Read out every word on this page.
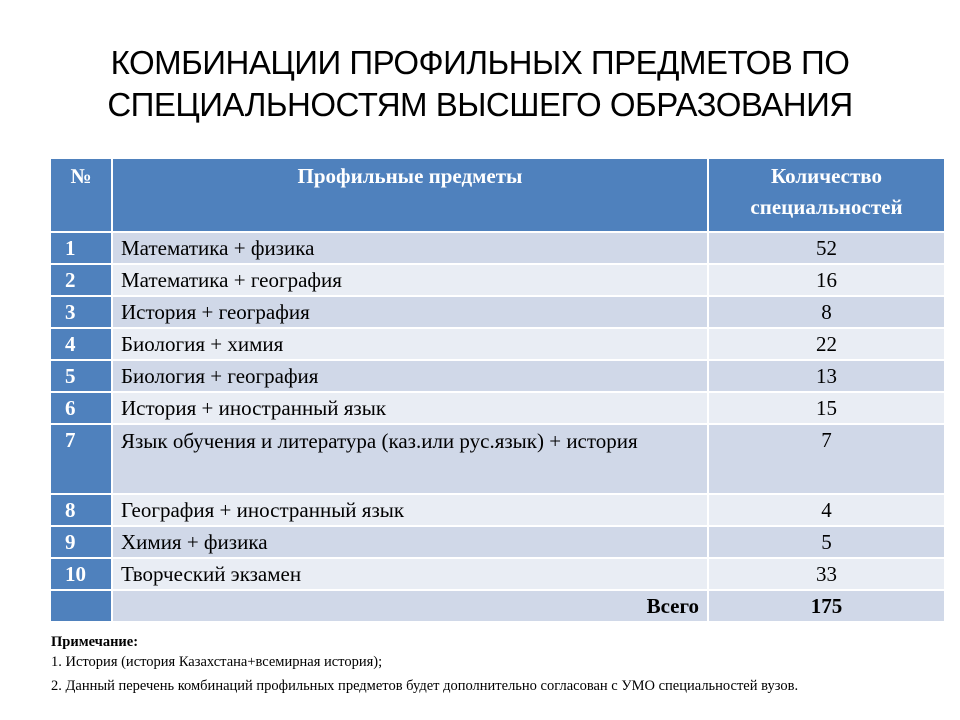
КОМБИНАЦИИ ПРОФИЛЬНЫХ ПРЕДМЕТОВ ПО
СПЕЦИАЛЬНОСТЯМ ВЫСШЕГО ОБРАЗОВАНИЯ
№	Профильные предметы	Количество
специальностей

1	Математика + физика	52
2	Математика + география	16
3	История + география	8
4	Биология + химия	22
5	Биология + география	13
6	История + иностранный язык	15
7	Язык обучения и литература (каз.или рус.язык) + история	7
8	География + иностранный язык	4
9	Химия + физика	5
10	Творческий экзамен	33
	Всего	175
Примечание:
1. История (история Казахстана+всемирная история);
2. Данный перечень комбинаций профильных предметов будет дополнительно согласован с УМО специальностей вузов.
